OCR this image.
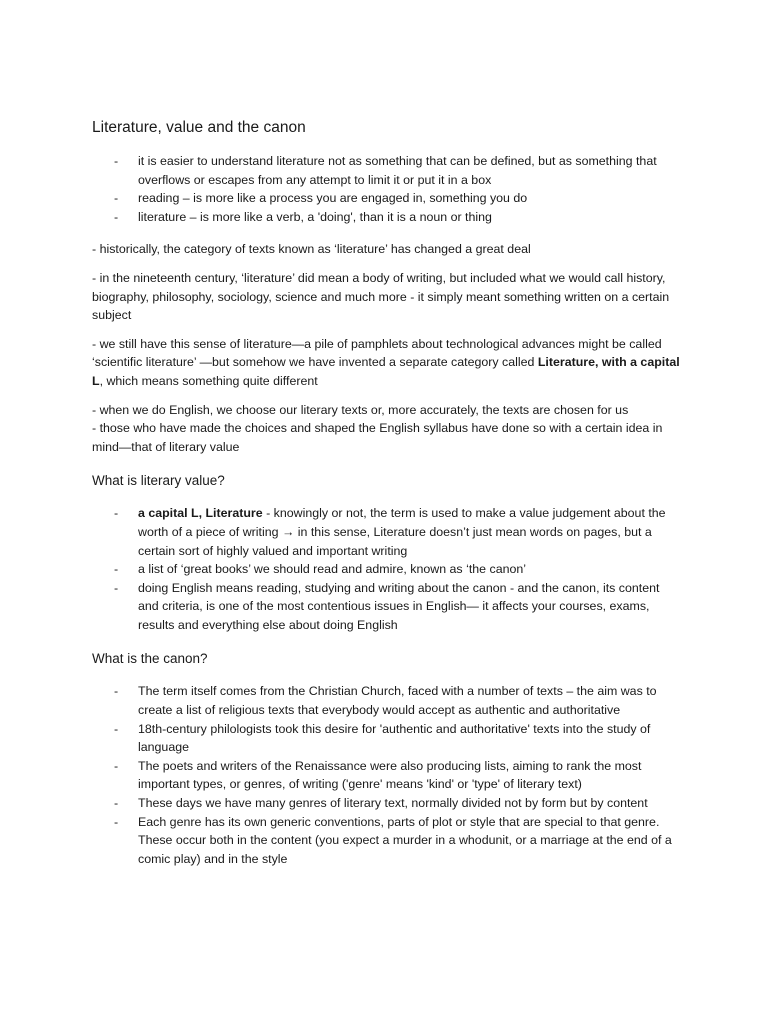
Literature, value and the canon
- it is easier to understand literature not as something that can be defined, but as something that overflows or escapes from any attempt to limit it or put it in a box
- reading – is more like a process you are engaged in, something you do
- literature – is more like a verb, a 'doing', than it is a noun or thing

- historically, the category of texts known as ‘literature’ has changed a great deal

- in the nineteenth century, ‘literature’ did mean a body of writing, but included what we would call history, biography, philosophy, sociology, science and much more - it simply meant something written on a certain subject

- we still have this sense of literature—a pile of pamphlets about technological advances might be called ‘scientific literature’ —but somehow we have invented a separate category called Literature, with a capital L, which means something quite different

- when we do English, we choose our literary texts or, more accurately, the texts are chosen for us
- those who have made the choices and shaped the English syllabus have done so with a certain idea in mind—that of literary value

What is literary value?
- a capital L, Literature - knowingly or not, the term is used to make a value judgement about the worth of a piece of writing → in this sense, Literature doesn’t just mean words on pages, but a certain sort of highly valued and important writing
- a list of ‘great books’ we should read and admire, known as ‘the canon’
- doing English means reading, studying and writing about the canon - and the canon, its content and criteria, is one of the most contentious issues in English— it affects your courses, exams, results and everything else about doing English
What is the canon?
- The term itself comes from the Christian Church, faced with a number of texts – the aim was to create a list of religious texts that everybody would accept as authentic and authoritative
- 18th-century philologists took this desire for 'authentic and authoritative' texts into the study of language
- The poets and writers of the Renaissance were also producing lists, aiming to rank the most important types, or genres, of writing ('genre' means 'kind' or 'type' of literary text)
- These days we have many genres of literary text, normally divided not by form but by content
- Each genre has its own generic conventions, parts of plot or style that are special to that genre. These occur both in the content (you expect a murder in a whodunit, or a marriage at the end of a comic play) and in the style
